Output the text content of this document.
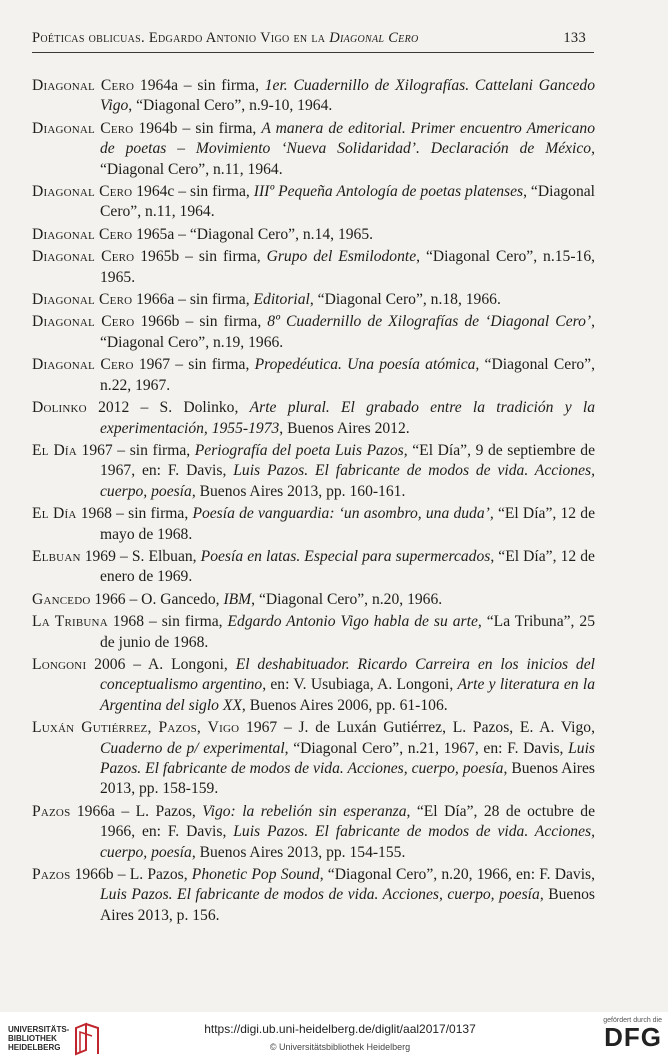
Poéticas oblicuas. Edgardo Antonio Vigo en la Diagonal Cero	133

Diagonal Cero 1964a – sin firma, 1er. Cuadernillo de Xilografías. Cattelani Gancedo Vigo, “Diagonal Cero”, n.9-10, 1964.

Diagonal Cero 1964b – sin firma, A manera de editorial. Primer encuentro Americano de poetas – Movimiento ‘Nueva Solidaridad’. Declaración de México, “Diagonal Cero”, n.11, 1964.

Diagonal Cero 1964c – sin firma, IIIº Pequeña Antología de poetas platenses, “Diagonal Cero”, n.11, 1964.

Diagonal Cero 1965a – “Diagonal Cero”, n.14, 1965.

Diagonal Cero 1965b – sin firma, Grupo del Esmilodonte, “Diagonal Cero”, n.15-16, 1965.

Diagonal Cero 1966a – sin firma, Editorial, “Diagonal Cero”, n.18, 1966.

Diagonal Cero 1966b – sin firma, 8º Cuadernillo de Xilografías de ‘Diagonal Cero’, “Diagonal Cero”, n.19, 1966.

Diagonal Cero 1967 – sin firma, Propedéutica. Una poesía atómica, “Diagonal Cero”, n.22, 1967.

Dolinko 2012 – S. Dolinko, Arte plural. El grabado entre la tradición y la experimentación, 1955-1973, Buenos Aires 2012.

El Día 1967 – sin firma, Periografía del poeta Luis Pazos, “El Día”, 9 de septiembre de 1967, en: F. Davis, Luis Pazos. El fabricante de modos de vida. Acciones, cuerpo, poesía, Buenos Aires 2013, pp. 160-161.

El Día 1968 – sin firma, Poesía de vanguardia: ‘un asombro, una duda’, “El Día”, 12 de mayo de 1968.

Elbuan 1969 – S. Elbuan, Poesía en latas. Especial para supermercados, “El Día”, 12 de enero de 1969.

Gancedo 1966 – O. Gancedo, IBM, “Diagonal Cero”, n.20, 1966.

La Tribuna 1968 – sin firma, Edgardo Antonio Vigo habla de su arte, “La Tribuna”, 25 de junio de 1968.

Longoni 2006 – A. Longoni, El deshabituador. Ricardo Carreira en los inicios del conceptualismo argentino, en: V. Usubiaga, A. Longoni, Arte y literatura en la Argentina del siglo XX, Buenos Aires 2006, pp. 61-106.

Luxán Gutiérrez, Pazos, Vigo 1967 – J. de Luxán Gutiérrez, L. Pazos, E. A. Vigo, Cuaderno de p/ experimental, “Diagonal Cero”, n.21, 1967, en: F. Davis, Luis Pazos. El fabricante de modos de vida. Acciones, cuerpo, poesía, Buenos Aires 2013, pp. 158-159.

Pazos 1966a – L. Pazos, Vigo: la rebelión sin esperanza, “El Día”, 28 de octubre de 1966, en: F. Davis, Luis Pazos. El fabricante de modos de vida. Acciones, cuerpo, poesía, Buenos Aires 2013, pp. 154-155.

Pazos 1966b – L. Pazos, Phonetic Pop Sound, “Diagonal Cero”, n.20, 1966, en: F. Davis, Luis Pazos. El fabricante de modos de vida. Acciones, cuerpo, poesía, Buenos Aires 2013, p. 156.

UNIVERSITÄTS-
BIBLIOTHEK
HEIDELBERG
https://digi.ub.uni-heidelberg.de/diglit/aal2017/0137
© Universitätsbibliothek Heidelberg
gefördert durch die
DFG
